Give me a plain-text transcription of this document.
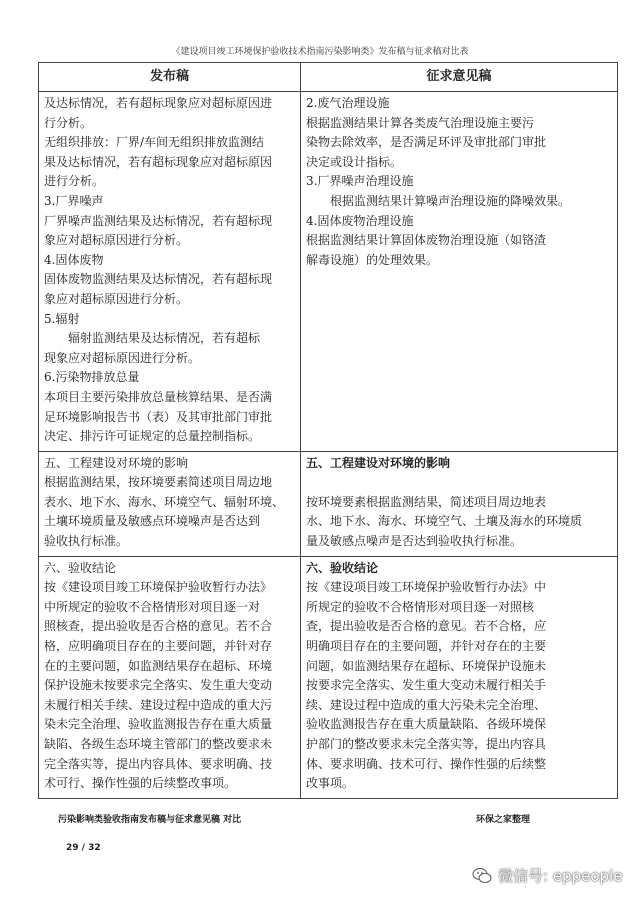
《建设项目竣工环境保护验收技术指南污染影响类》发布稿与征求稿对比表
发布稿	征求意见稿
及达标情况，若有超标现象应对超标原因进
行分析。
无组织排放：厂界/车间无组织排放监测结
果及达标情况，若有超标现象应对超标原因
进行分析。
3.厂界噪声
厂界噪声监测结果及达标情况，若有超标现
象应对超标原因进行分析。
4.固体废物
固体废物监测结果及达标情况，若有超标现
象应对超标原因进行分析。
5.辐射
　　辐射监测结果及达标情况，若有超标
现象应对超标原因进行分析。
6.污染物排放总量
本项目主要污染排放总量核算结果、是否满
足环境影响报告书（表）及其审批部门审批
决定、排污许可证规定的总量控制指标。
2.废气治理设施
根据监测结果计算各类废气治理设施主要污
染物去除效率，是否满足环评及审批部门审批
决定或设计指标。
3.厂界噪声治理设施
　　根据监测结果计算噪声治理设施的降噪效果。
4.固体废物治理设施
根据监测结果计算固体废物治理设施（如铬渣
解毒设施）的处理效果。
五、工程建设对环境的影响
根据监测结果，按环境要素简述项目周边地
表水、地下水、海水、环境空气、辐射环境、
土壤环境质量及敏感点环境噪声是否达到
验收执行标准。
五、工程建设对环境的影响

按环境要素根据监测结果，简述项目周边地表
水、地下水、海水、环境空气、土壤及海水的环境质
量及敏感点噪声是否达到验收执行标准。
六、验收结论
按《建设项目竣工环境保护验收暂行办法》
中所规定的验收不合格情形对项目逐一对
照核查，提出验收是否合格的意见。若不合
格，应明确项目存在的主要问题，并针对存
在的主要问题，如监测结果存在超标、环境
保护设施未按要求完全落实、发生重大变动
未履行相关手续、建设过程中造成的重大污
染未完全治理、验收监测报告存在重大质量
缺陷、各级生态环境主管部门的整改要求未
完全落实等，提出内容具体、要求明确、技
术可行、操作性强的后续整改事项。
六、验收结论
按《建设项目竣工环境保护验收暂行办法》中
所规定的验收不合格情形对项目逐一对照核
查，提出验收是否合格的意见。若不合格，应
明确项目存在的主要问题，并针对存在的主要
问题，如监测结果存在超标、环境保护设施未
按要求完全落实、发生重大变动未履行相关手
续、建设过程中造成的重大污染未完全治理、
验收监测报告存在重大质量缺陷、各级环境保
护部门的整改要求未完全落实等，提出内容具
体、要求明确、技术可行、操作性强的后续整
改事项。
污染影响类验收指南发布稿与征求意见稿 对比	环保之家整理
29 / 32
微信号: eppeople
